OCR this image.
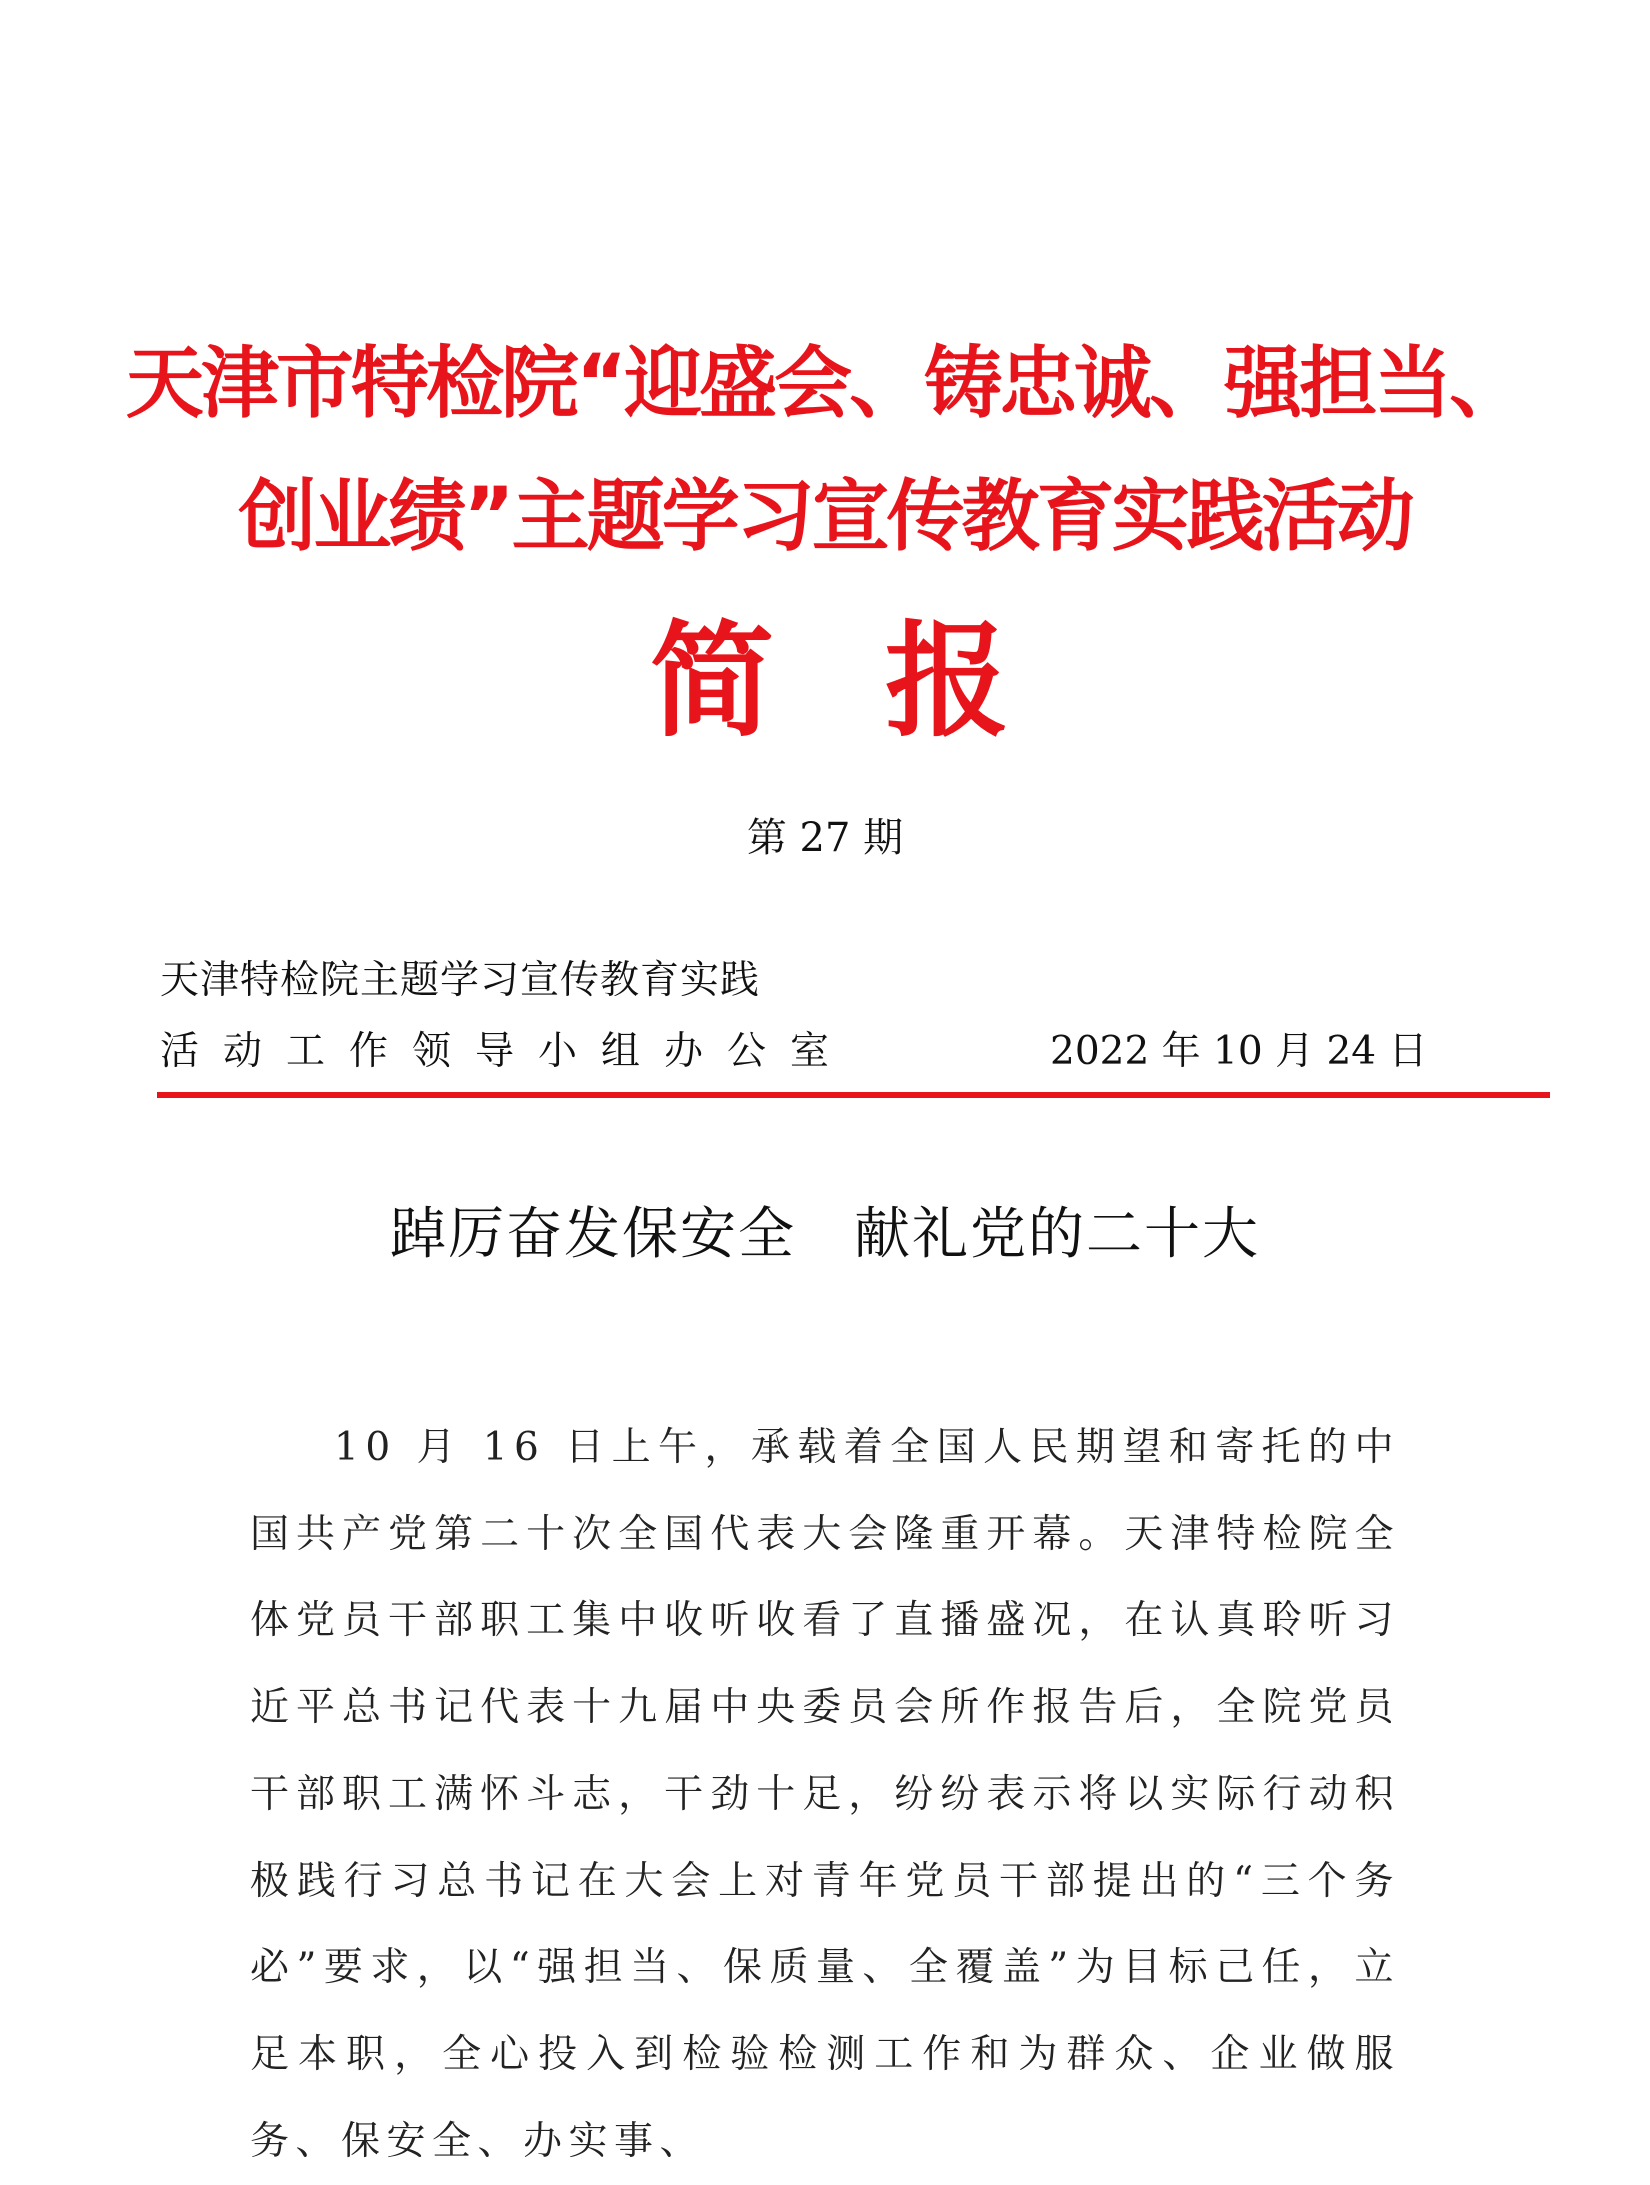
天津市特检院“迎盛会、铸忠诚、强担当、
创业绩”主题学习宣传教育实践活动
简 报
第 27 期
天津特检院主题学习宣传教育实践
活动工作领导小组办公室	2022 年 10 月 24 日
踔厉奋发保安全　献礼党的二十大

10 月 16 日上午，承载着全国人民期望和寄托的中国共产党第二十次全国代表大会隆重开幕。天津特检院全体党员干部职工集中收听收看了直播盛况，在认真聆听习近平总书记代表十九届中央委员会所作报告后，全院党员干部职工满怀斗志，干劲十足，纷纷表示将以实际行动积极践行习总书记在大会上对青年党员干部提出的“三个务必”要求，以“强担当、保质量、全覆盖”为目标己任，立足本职，全心投入到检验检测工作和为群众、企业做服务、保安全、办实事、
